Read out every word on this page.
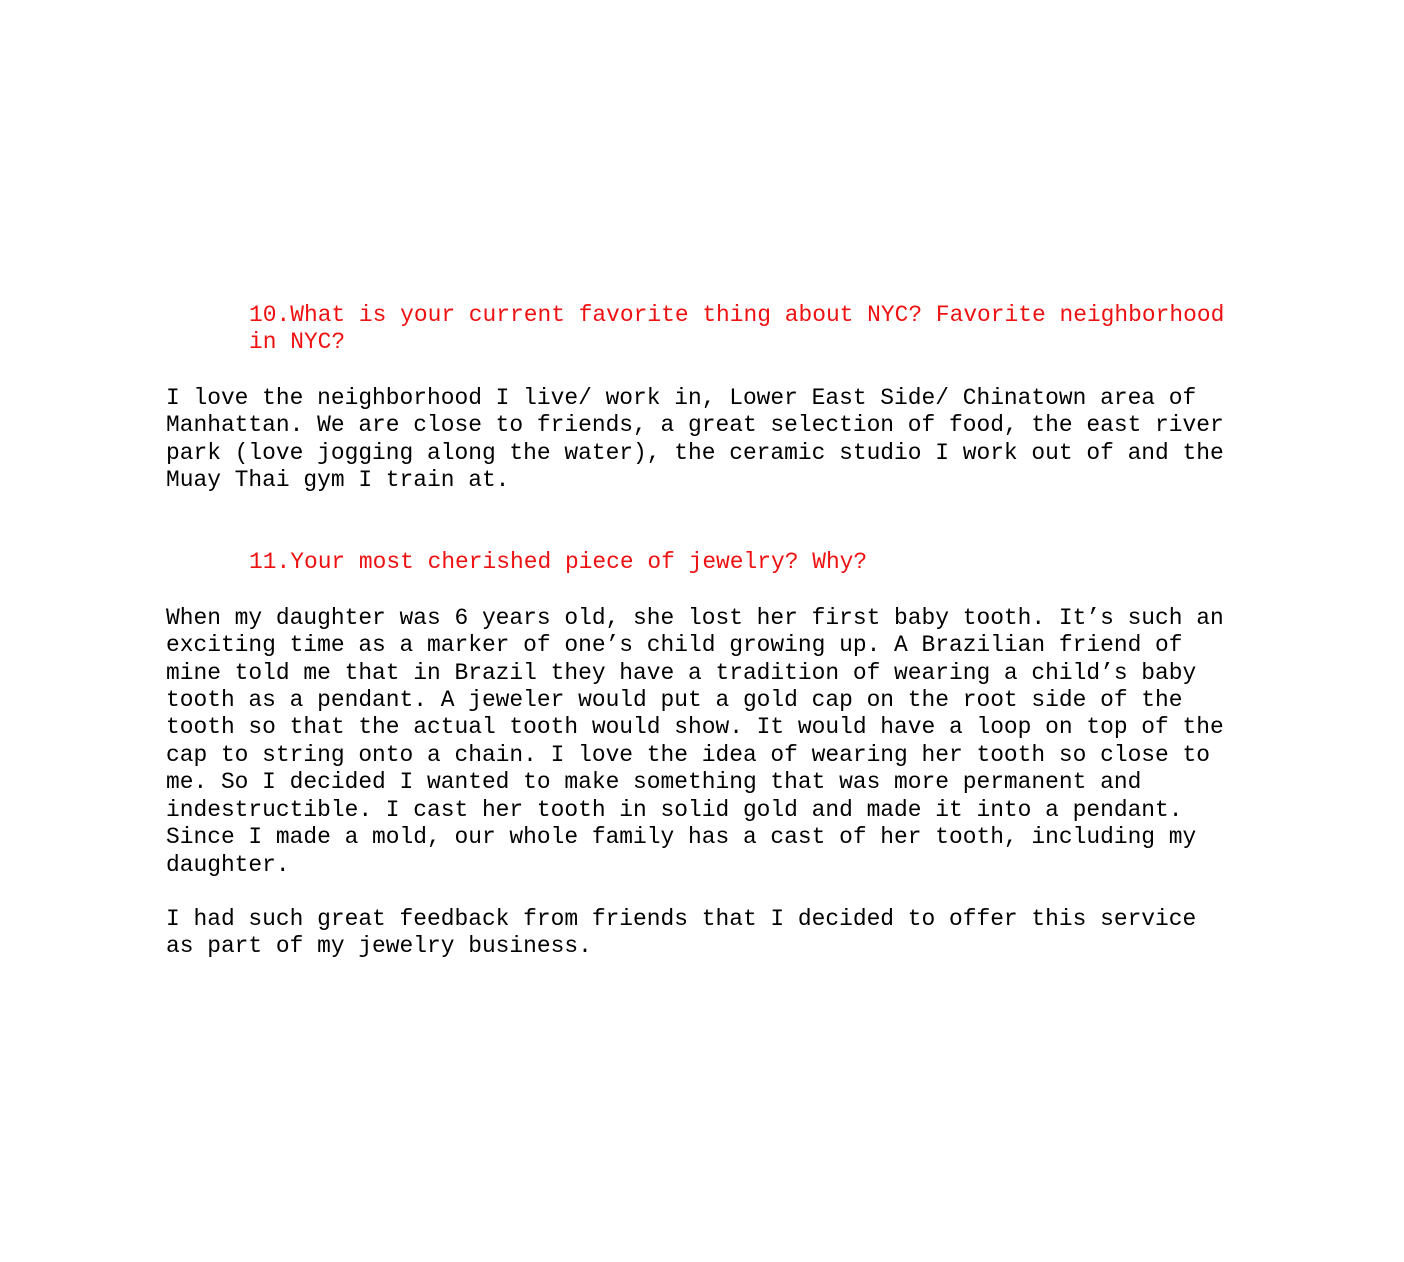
10.What is your current favorite thing about NYC? Favorite neighborhood
in NYC?
I love the neighborhood I live/ work in, Lower East Side/ Chinatown area of
Manhattan. We are close to friends, a great selection of food, the east river
park (love jogging along the water), the ceramic studio I work out of and the
Muay Thai gym I train at.
11.Your most cherished piece of jewelry? Why?
When my daughter was 6 years old, she lost her first baby tooth. It’s such an
exciting time as a marker of one’s child growing up. A Brazilian friend of
mine told me that in Brazil they have a tradition of wearing a child’s baby
tooth as a pendant. A jeweler would put a gold cap on the root side of the
tooth so that the actual tooth would show. It would have a loop on top of the
cap to string onto a chain. I love the idea of wearing her tooth so close to
me. So I decided I wanted to make something that was more permanent and
indestructible. I cast her tooth in solid gold and made it into a pendant.
Since I made a mold, our whole family has a cast of her tooth, including my
daughter.
I had such great feedback from friends that I decided to offer this service
as part of my jewelry business.
